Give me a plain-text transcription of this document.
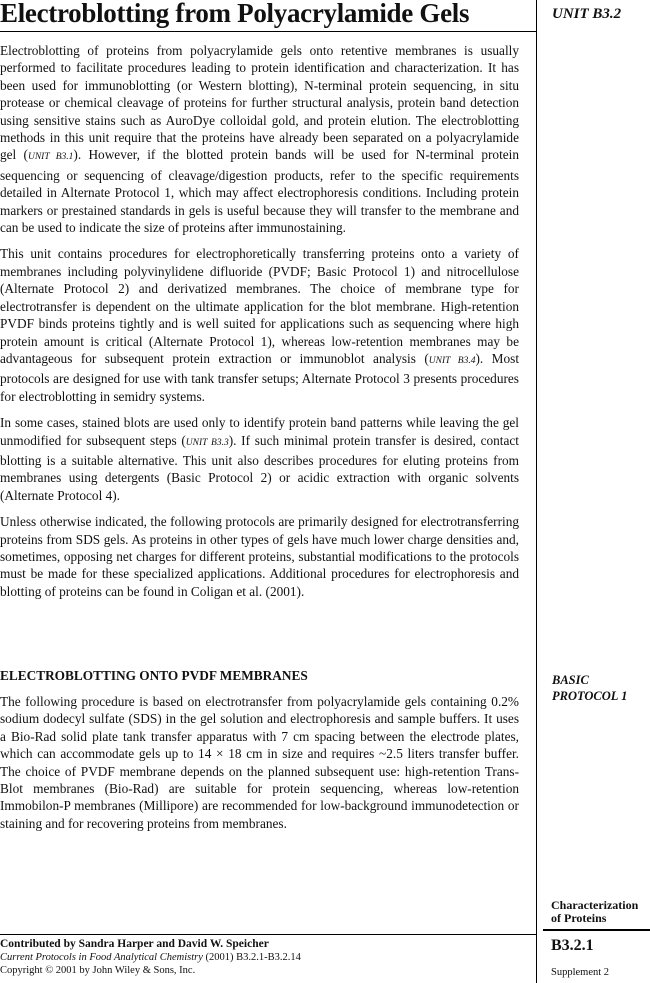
Electroblotting from Polyacrylamide Gels	UNIT B3.2

Electroblotting of proteins from polyacrylamide gels onto retentive membranes is usually performed to facilitate procedures leading to protein identification and characterization. It has been used for immunoblotting (or Western blotting), N-terminal protein sequencing, in situ protease or chemical cleavage of proteins for further structural analysis, protein band detection using sensitive stains such as AuroDye colloidal gold, and protein elution. The electroblotting methods in this unit require that the proteins have already been separated on a polyacrylamide gel (UNIT B3.1). However, if the blotted protein bands will be used for N-terminal protein sequencing or sequencing of cleavage/digestion products, refer to the specific requirements detailed in Alternate Protocol 1, which may affect electrophoresis conditions. Including protein markers or prestained standards in gels is useful because they will transfer to the membrane and can be used to indicate the size of proteins after immunostaining.

This unit contains procedures for electrophoretically transferring proteins onto a variety of membranes including polyvinylidene difluoride (PVDF; Basic Protocol 1) and nitrocellulose (Alternate Protocol 2) and derivatized membranes. The choice of membrane type for electrotransfer is dependent on the ultimate application for the blot membrane. High-retention PVDF binds proteins tightly and is well suited for applications such as sequencing where high protein amount is critical (Alternate Protocol 1), whereas low-retention membranes may be advantageous for subsequent protein extraction or immunoblot analysis (UNIT B3.4). Most protocols are designed for use with tank transfer setups; Alternate Protocol 3 presents procedures for electroblotting in semidry systems.

In some cases, stained blots are used only to identify protein band patterns while leaving the gel unmodified for subsequent steps (UNIT B3.3). If such minimal protein transfer is desired, contact blotting is a suitable alternative. This unit also describes procedures for eluting proteins from membranes using detergents (Basic Protocol 2) or acidic extraction with organic solvents (Alternate Protocol 4).

Unless otherwise indicated, the following protocols are primarily designed for electrotransferring proteins from SDS gels. As proteins in other types of gels have much lower charge densities and, sometimes, opposing net charges for different proteins, substantial modifications to the protocols must be made for these specialized applications. Additional procedures for electrophoresis and blotting of proteins can be found in Coligan et al. (2001).

ELECTROBLOTTING ONTO PVDF MEMBRANES	BASIC
PROTOCOL 1

The following procedure is based on electrotransfer from polyacrylamide gels containing 0.2% sodium dodecyl sulfate (SDS) in the gel solution and electrophoresis and sample buffers. It uses a Bio-Rad solid plate tank transfer apparatus with 7 cm spacing between the electrode plates, which can accommodate gels up to 14 × 18 cm in size and requires ~2.5 liters transfer buffer. The choice of PVDF membrane depends on the planned subsequent use: high-retention Trans-Blot membranes (Bio-Rad) are suitable for protein sequencing, whereas low-retention Immobilon-P membranes (Millipore) are recommended for low-background immunodetection or staining and for recovering proteins from membranes.

Characterization
of Proteins
B3.2.1
Supplement 2
Contributed by Sandra Harper and David W. Speicher
Current Protocols in Food Analytical Chemistry (2001) B3.2.1-B3.2.14
Copyright © 2001 by John Wiley & Sons, Inc.
